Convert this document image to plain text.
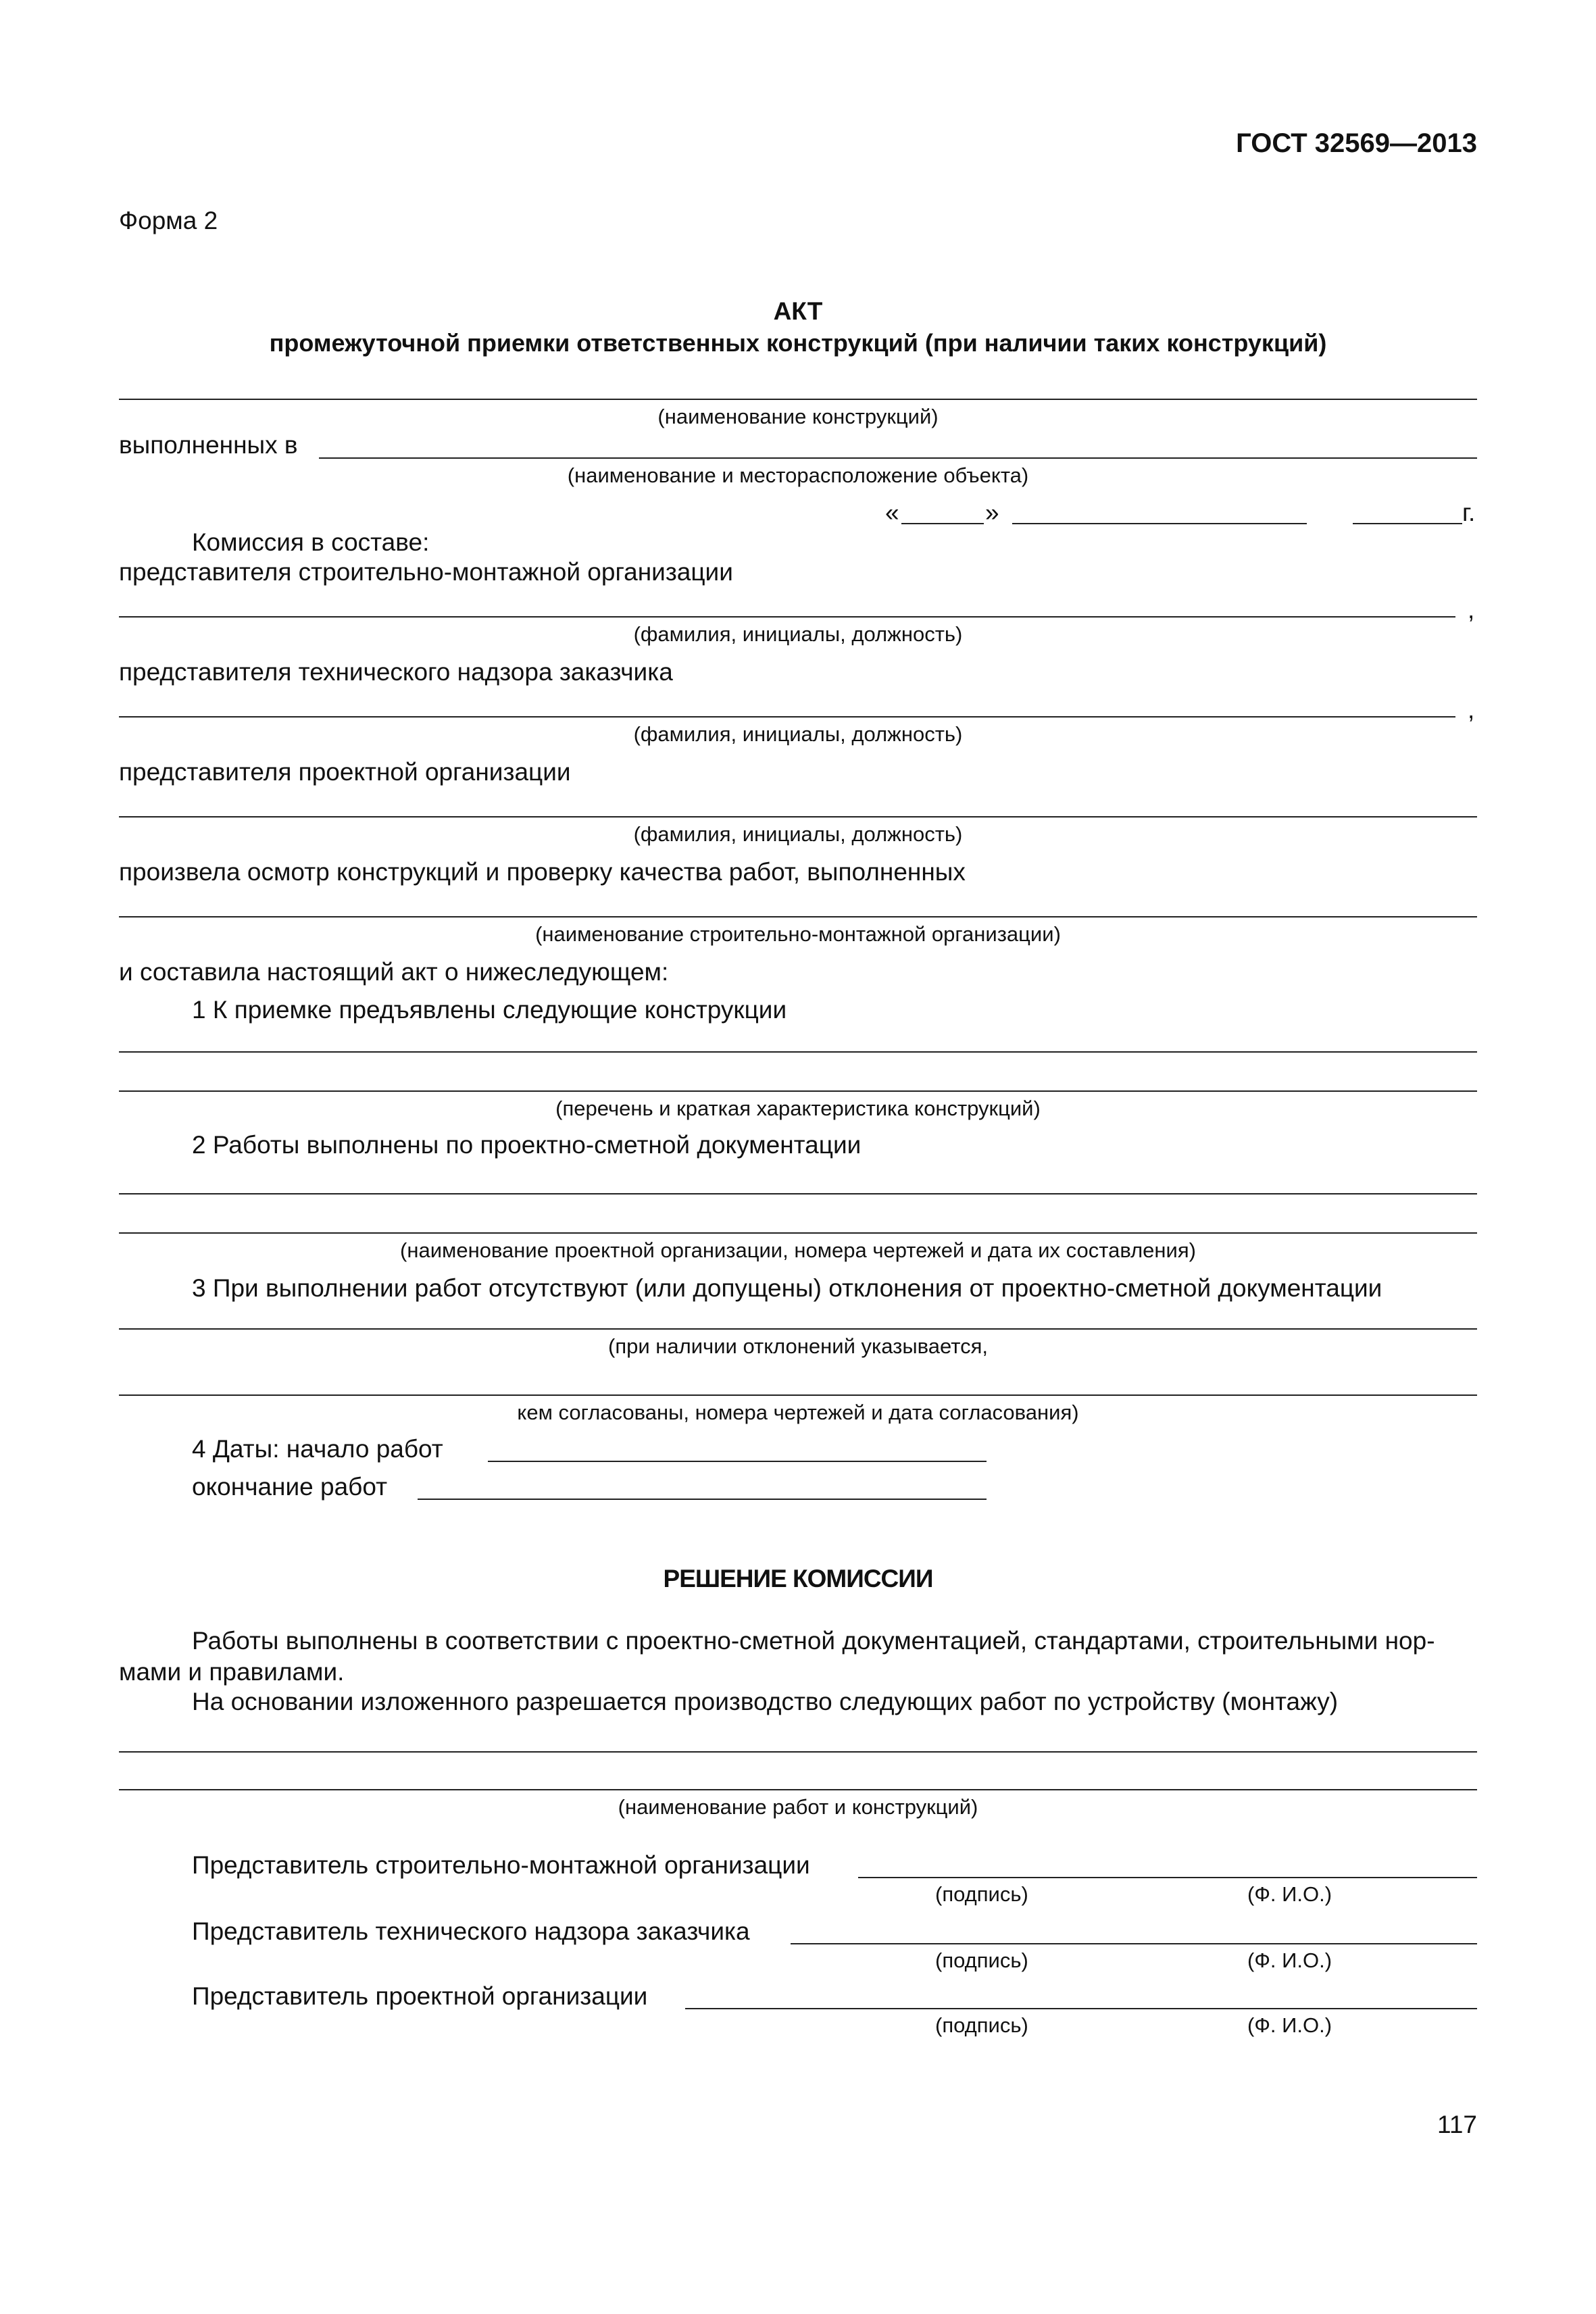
ГОСТ 32569—2013
Форма 2
АКТ
промежуточной приемки ответственных конструкций (при наличии таких конструкций)
(наименование конструкций)
выполненных в
(наименование и месторасположение объекта)
«	»	г.
Комиссия в составе:
представителя строительно-монтажной организации
,
(фамилия, инициалы, должность)
представителя технического надзора заказчика
,
(фамилия, инициалы, должность)
представителя проектной организации
(фамилия, инициалы, должность)
произвела осмотр конструкций и проверку качества работ, выполненных
(наименование строительно-монтажной организации)
и составила настоящий акт о нижеследующем:
1 К приемке предъявлены следующие конструкции
(перечень и краткая характеристика конструкций)
2 Работы выполнены по проектно-сметной документации
(наименование проектной организации, номера чертежей и дата их составления)
3 При выполнении работ отсутствуют (или допущены) отклонения от проектно-сметной документации
(при наличии отклонений указывается,
кем согласованы, номера чертежей и дата согласования)
4 Даты: начало работ
окончание работ
РЕШЕНИЕ КОМИССИИ
Работы выполнены в соответствии с проектно-сметной документацией, стандартами, строительными нор-
мами и правилами.
На основании изложенного разрешается производство следующих работ по устройству (монтажу)
(наименование работ и конструкций)
Представитель строительно-монтажной организации
(подпись)	(Ф. И.О.)
Представитель технического надзора заказчика
(подпись)	(Ф. И.О.)
Представитель проектной организации
(подпись)	(Ф. И.О.)
117
